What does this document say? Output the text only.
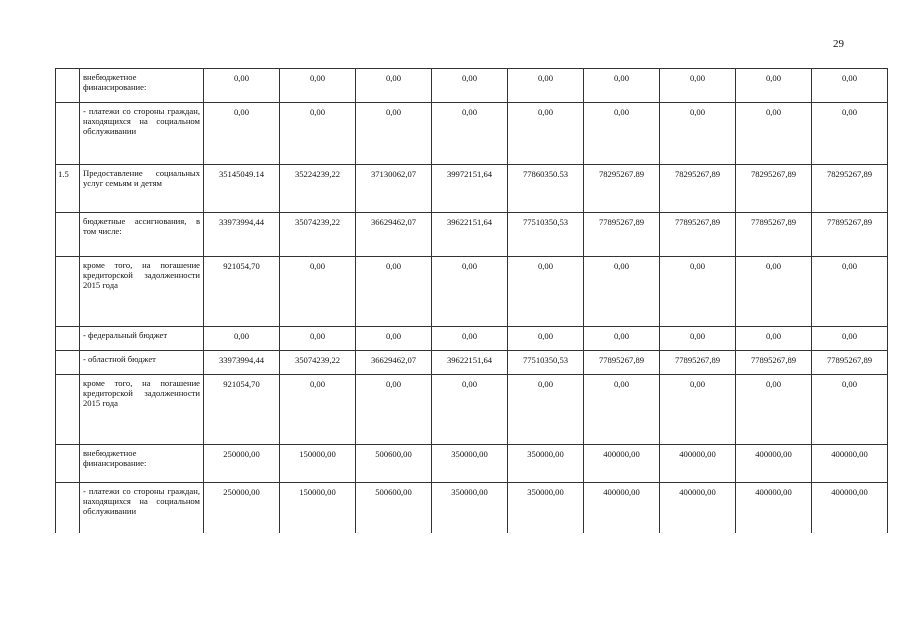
29
	внебюджетное финансирование:	0,00	0,00	0,00	0,00	0,00	0,00	0,00	0,00	0,00
	- платежи со стороны граждан, находящихся на социальном обслуживании	0,00	0,00	0,00	0,00	0,00	0,00	0,00	0,00	0,00
1.5	Предоставление социальных услуг семьям и детям	35145049.14	35224239,22	37130062,07	39972151,64	77860350.53	78295267.89	78295267,89	78295267,89	78295267,89
	бюджетные ассигнования, в том числе:	33973994,44	35074239,22	36629462,07	39622151,64	77510350,53	77895267,89	77895267,89	77895267,89	77895267,89
	кроме того, на погашение кредиторской задолженности 2015 года	921054,70	0,00	0,00	0,00	0,00	0,00	0,00	0,00	0,00
	- федеральный бюджет	0,00	0,00	0,00	0,00	0,00	0,00	0,00	0,00	0,00
	- областной бюджет	33973994,44	35074239,22	36629462,07	39622151,64	77510350,53	77895267,89	77895267,89	77895267,89	77895267,89
	кроме того, на погашение кредиторской задолженности 2015 года	921054,70	0,00	0,00	0,00	0,00	0,00	0,00	0,00	0,00
	внебюджетное финансирование:	250000,00	150000,00	500600,00	350000,00	350000,00	400000,00	400000,00	400000,00	400000,00
	- платежи со стороны граждан, находящихся на социальном обслуживании	250000,00	150000,00	500600,00	350000,00	350000,00	400000,00	400000,00	400000,00	400000,00
